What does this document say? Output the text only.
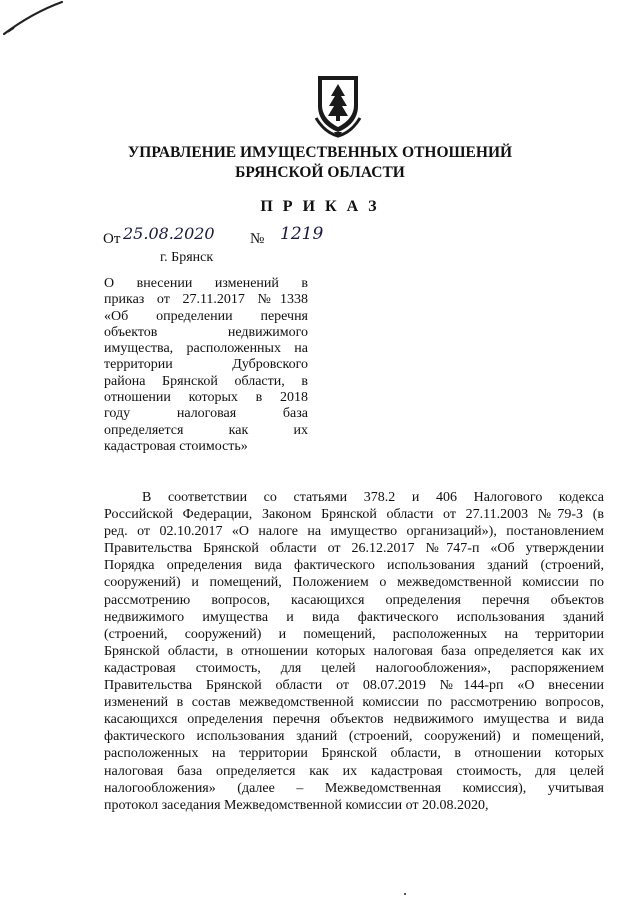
УПРАВЛЕНИЕ ИМУЩЕСТВЕННЫХ ОТНОШЕНИЙ
БРЯНСКОЙ ОБЛАСТИ
П Р И К А З
От 25.08.2020 № 1219
г. Брянск
О внесении изменений в
приказ от 27.11.2017 №1338
«Об определении перечня
объектов недвижимого
имущества, расположенных на
территории Дубровского
района Брянской области, в
отношении которых в 2018
году налоговая база
определяется как их
кадастровая стоимость»
В соответствии со статьями 378.2 и 406 Налогового кодекса
Российской Федерации, Законом Брянской области от 27.11.2003 №79-З (в
ред. от 02.10.2017 «О налоге на имущество организаций»), постановлением
Правительства Брянской области от 26.12.2017 №747-п «Об утверждении
Порядка определения вида фактического использования зданий (строений,
сооружений) и помещений, Положением о межведомственной комиссии по
рассмотрению вопросов, касающихся определения перечня объектов
недвижимого имущества и вида фактического использования зданий
(строений, сооружений) и помещений, расположенных на территории
Брянской области, в отношении которых налоговая база определяется как их
кадастровая стоимость, для целей налогообложения», распоряжением
Правительства Брянской области от 08.07.2019 №144-рп «О внесении
изменений в состав межведомственной комиссии по рассмотрению вопросов,
касающихся определения перечня объектов недвижимого имущества и вида
фактического использования зданий (строений, сооружений) и помещений,
расположенных на территории Брянской области, в отношении которых
налоговая база определяется как их кадастровая стоимость, для целей
налогообложения» (далее – Межведомственная комиссия), учитывая
протокол заседания Межведомственной комиссии от 20.08.2020,
